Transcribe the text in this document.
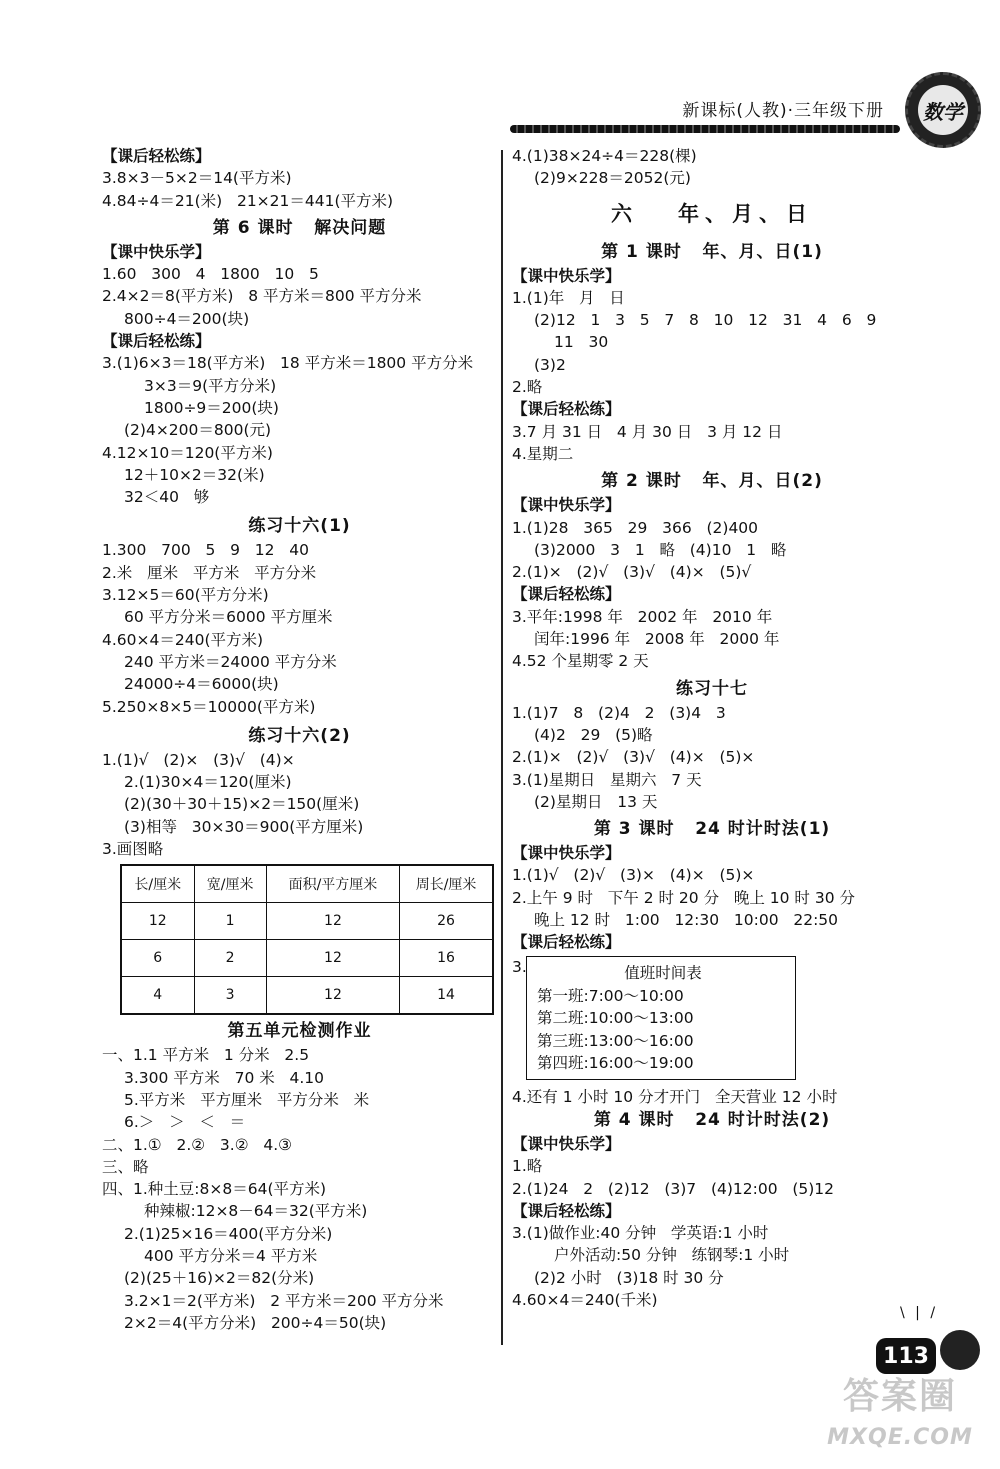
新课标(人教)·三年级下册 数学
【课后轻松练】
3.8×3－5×2＝14(平方米)
4.84÷4＝21(米)   21×21＝441(平方米)
第 6 课时   解决问题
【课中快乐学】
1.60   300   4   1800   10   5
2.4×2＝8(平方米)   8 平方米＝800 平方分米
800÷4＝200(块)
【课后轻松练】
3.(1)6×3＝18(平方米)   18 平方米＝1800 平方分米
3×3＝9(平方分米)
1800÷9＝200(块)
(2)4×200＝800(元)
4.12×10＝120(平方米)
12＋10×2＝32(米)
32＜40   够
练习十六(1)
1.300   700   5   9   12   40
2.米   厘米   平方米   平方分米
3.12×5＝60(平方分米)
60 平方分米＝6000 平方厘米
4.60×4＝240(平方米)
240 平方米＝24000 平方分米
24000÷4＝6000(块)
5.250×8×5＝10000(平方米)
练习十六(2)
1.(1)√   (2)×   (3)√   (4)×
2.(1)30×4＝120(厘米)
(2)(30＋30＋15)×2＝150(厘米)
(3)相等   30×30＝900(平方厘米)
3.画图略
长/厘米	宽/厘米	面积/平方厘米	周长/厘米
12	1	12	26
6	2	12	16
4	3	12	14
第五单元检测作业
一、1.1 平方米   1 分米   2.5
3.300 平方米   70 米   4.10
5.平方米   平方厘米   平方分米   米
6.＞   ＞   ＜   ＝
二、1.①   2.②   3.②   4.③
三、略
四、1.种土豆:8×8＝64(平方米)
种辣椒:12×8－64＝32(平方米)
2.(1)25×16＝400(平方分米)
400 平方分米＝4 平方米
(2)(25＋16)×2＝82(分米)
3.2×1＝2(平方米)   2 平方米＝200 平方分米
2×2＝4(平方分米)   200÷4＝50(块)
4.(1)38×24÷4＝228(棵)
(2)9×228＝2052(元)
六   年、月、日
第 1 课时   年、月、日(1)
【课中快乐学】
1.(1)年   月   日
(2)12   1   3   5   7   8   10   12   31   4   6   9
11   30
(3)2
2.略
【课后轻松练】
3.7 月 31 日   4 月 30 日   3 月 12 日
4.星期二
第 2 课时   年、月、日(2)
【课中快乐学】
1.(1)28   365   29   366   (2)400
(3)2000   3   1   略   (4)10   1   略
2.(1)×   (2)√   (3)√   (4)×   (5)√
【课后轻松练】
3.平年:1998 年   2002 年   2010 年
闰年:1996 年   2008 年   2000 年
4.52 个星期零 2 天
练习十七
1.(1)7   8   (2)4   2   (3)4   3
(4)2   29   (5)略
2.(1)×   (2)√   (3)√   (4)×   (5)×
3.(1)星期日   星期六   7 天
(2)星期日   13 天
第 3 课时   24 时计时法(1)
【课中快乐学】
1.(1)√   (2)√   (3)×   (4)×   (5)×
2.上午 9 时   下午 2 时 20 分   晚上 10 时 30 分
晚上 12 时   1:00   12:30   10:00   22:50
【课后轻松练】
3.	值班时间表
第一班:7:00～10:00
第二班:10:00～13:00
第三班:13:00～16:00
第四班:16:00～19:00
4.还有 1 小时 10 分才开门   全天营业 12 小时
第 4 课时   24 时计时法(2)
【课中快乐学】
1.略
2.(1)24   2   (2)12   (3)7   (4)12:00   (5)12
【课后轻松练】
3.(1)做作业:40 分钟   学英语:1 小时
户外活动:50 分钟   练钢琴:1 小时
(2)2 小时   (3)18 时 30 分
4.60×4＝240(千米)
\ | /
113
答案圈
MXQE.COM
